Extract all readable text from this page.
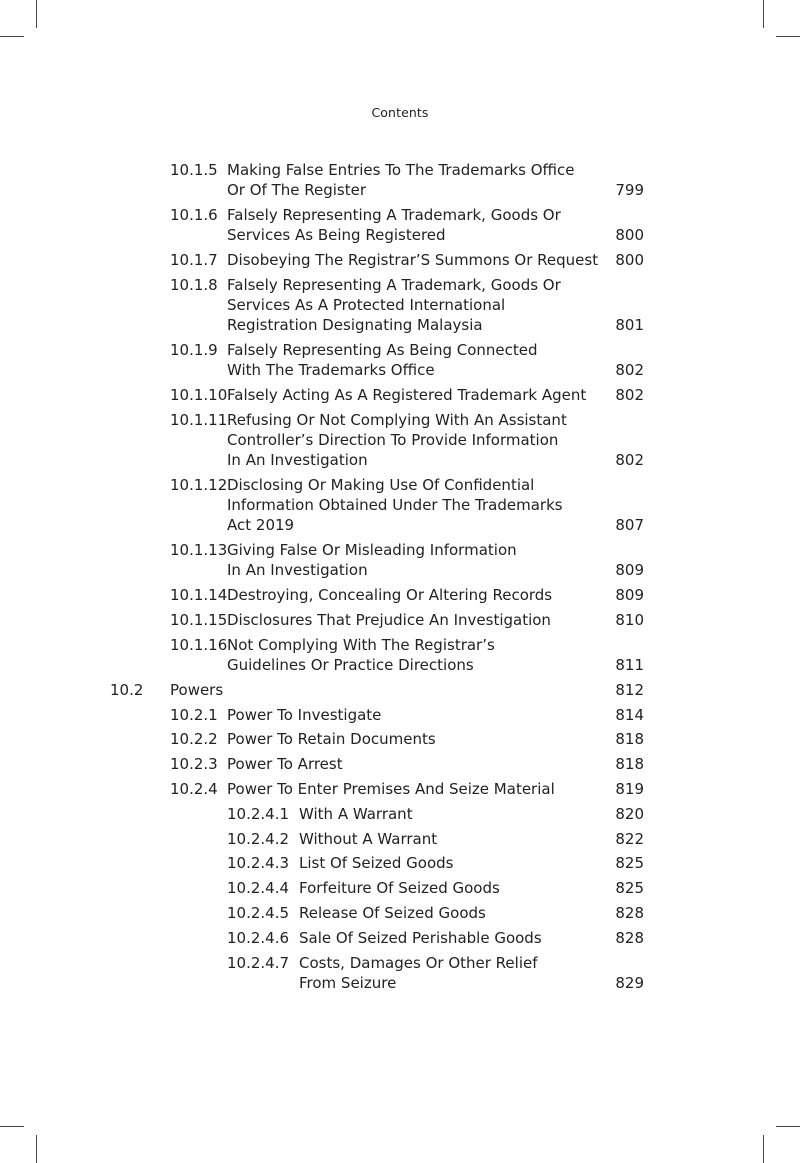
Contents
10.1.5 Making False Entries To The Trademarks Office
Or Of The Register	799
10.1.6 Falsely Representing A Trademark, Goods Or
Services As Being Registered	800
10.1.7 Disobeying The Registrar’S Summons Or Request 800
10.1.8 Falsely Representing A Trademark, Goods Or
Services As A Protected International
Registration Designating Malaysia	801
10.1.9 Falsely Representing As Being Connected
With The Trademarks Office	802
10.1.10 Falsely Acting As A Registered Trademark Agent	802
10.1.11 Refusing Or Not Complying With An Assistant
Controller’s Direction To Provide Information
In An Investigation	802
10.1.12 Disclosing Or Making Use Of Confidential
Information Obtained Under The Trademarks
Act 2019	807
10.1.13 Giving False Or Misleading Information
In An Investigation	809
10.1.14 Destroying, Concealing Or Altering Records	809
10.1.15 Disclosures That Prejudice An Investigation	810
10.1.16 Not Complying With The Registrar’s
Guidelines Or Practice Directions	811
10.2 Powers	812
10.2.1 Power To Investigate	814
10.2.2 Power To Retain Documents	818
10.2.3 Power To Arrest	818
10.2.4 Power To Enter Premises And Seize Material	819
10.2.4.1 With A Warrant	820
10.2.4.2 Without A Warrant	822
10.2.4.3 List Of Seized Goods	825
10.2.4.4 Forfeiture Of Seized Goods	825
10.2.4.5 Release Of Seized Goods	828
10.2.4.6 Sale Of Seized Perishable Goods	828
10.2.4.7 Costs, Damages Or Other Relief
From Seizure	829
